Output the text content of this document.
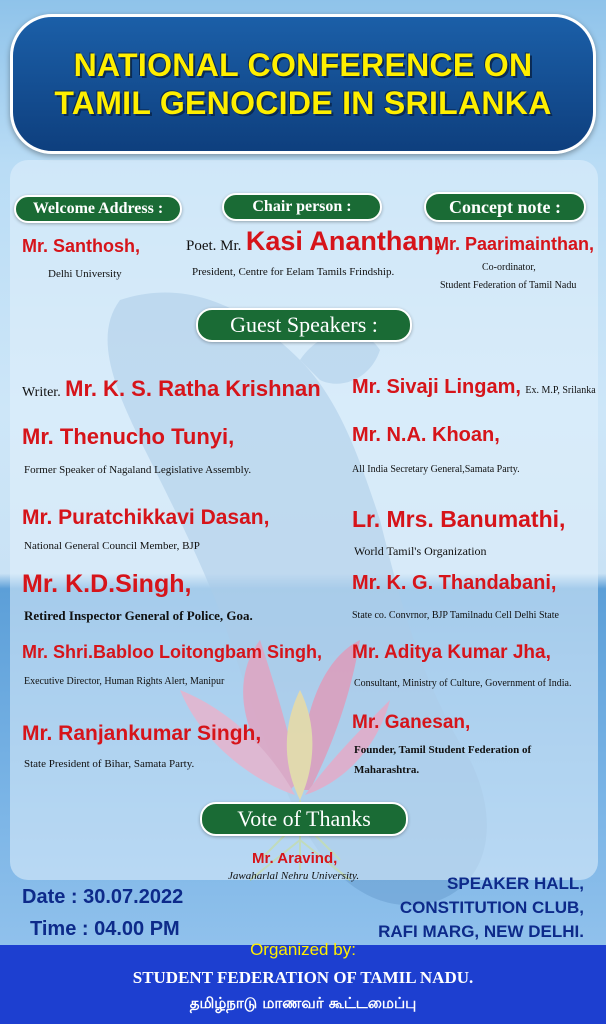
NATIONAL CONFERENCE ON
TAMIL GENOCIDE IN SRILANKA
Welcome Address :
Mr. Santhosh,
Delhi University
Chair person :
Poet. Mr. Kasi Ananthan,
President, Centre for Eelam Tamils Frindship.
Concept note :
Mr. Paarimainthan,
Co-ordinator,
Student Federation of Tamil Nadu
Guest Speakers :
Writer. Mr. K. S. Ratha Krishnan
Mr. Thenucho Tunyi,
Former Speaker of Nagaland Legislative Assembly.
Mr. Puratchikkavi Dasan,
National General Council Member, BJP
Mr. K.D.Singh,
Retired Inspector General of Police, Goa.
Mr. Shri.Babloo Loitongbam Singh,
Executive Director, Human Rights Alert, Manipur
Mr. Ranjankumar Singh,
State President of Bihar, Samata Party.
Mr. Sivaji Lingam, Ex. M.P, Srilanka
Mr. N.A. Khoan,
All India Secretary General,Samata Party.
Lr. Mrs. Banumathi,
World Tamil's Organization
Mr. K. G. Thandabani,
State co. Convrnor, BJP Tamilnadu Cell Delhi State
Mr. Aditya Kumar Jha,
Consultant, Ministry of Culture, Government of India.
Mr. Ganesan,
Founder, Tamil Student Federation of
Maharashtra.
Vote of Thanks
Mr. Aravind,
Jawaharlal Nehru University.
Date : 30.07.2022
Time : 04.00 PM
SPEAKER HALL,
CONSTITUTION CLUB,
RAFI MARG, NEW DELHI.
Organized by:
STUDENT FEDERATION OF TAMIL NADU.
தமிழ்நாடு மாணவர் கூட்டமைப்பு
